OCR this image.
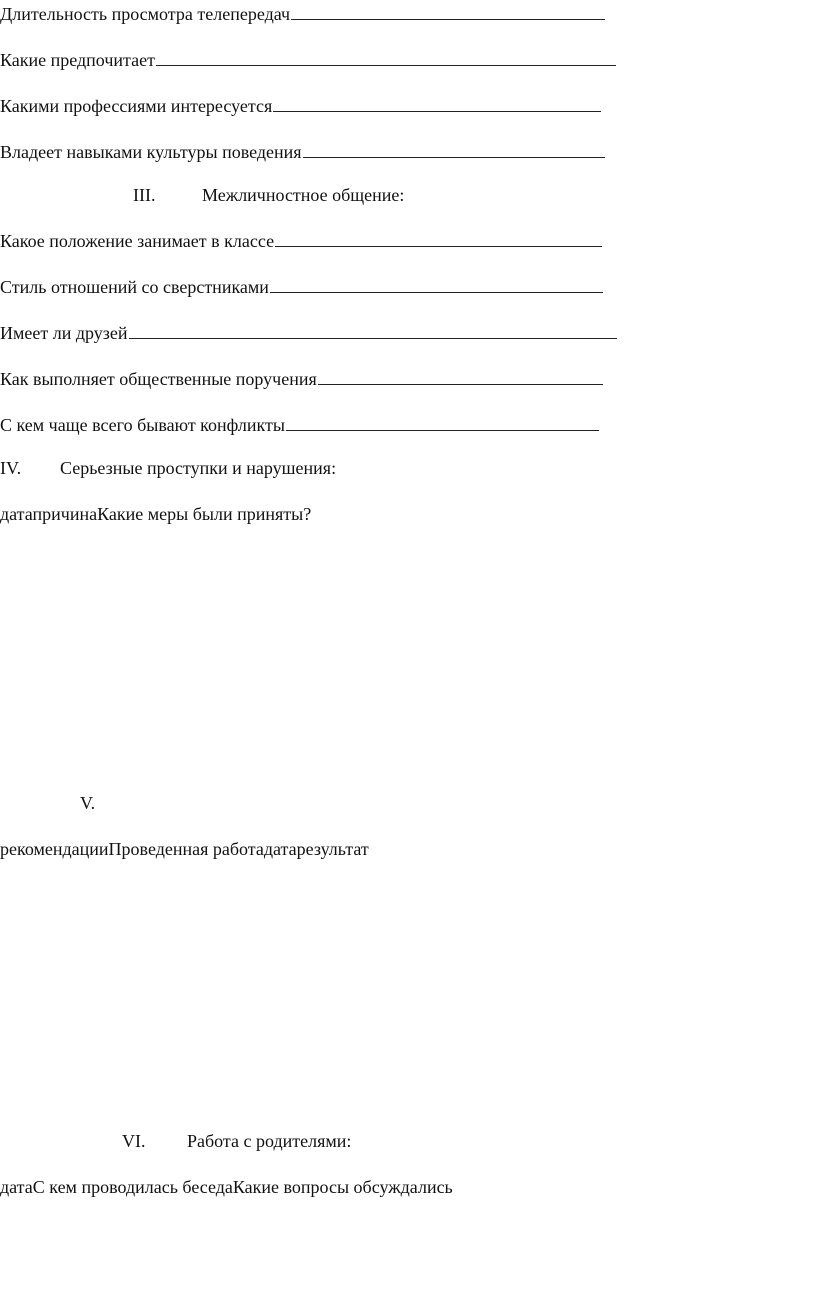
Длительность просмотра телепередач
Какие предпочитает
Какими профессиями интересуется
Владеет навыками культуры поведения
III.	Межличностное общение:
Какое положение занимает в классе
Стиль отношений со сверстниками
Имеет ли друзей
Как выполняет общественные поручения
С кем чаще всего бывают конфликты
IV. Серьезные проступки и нарушения:
датапричинаКакие меры были приняты?
V.
рекомендацииПроведенная работадатарезультат
VI. Работа с родителями:
датаС кем проводилась беседаКакие вопросы обсуждались
